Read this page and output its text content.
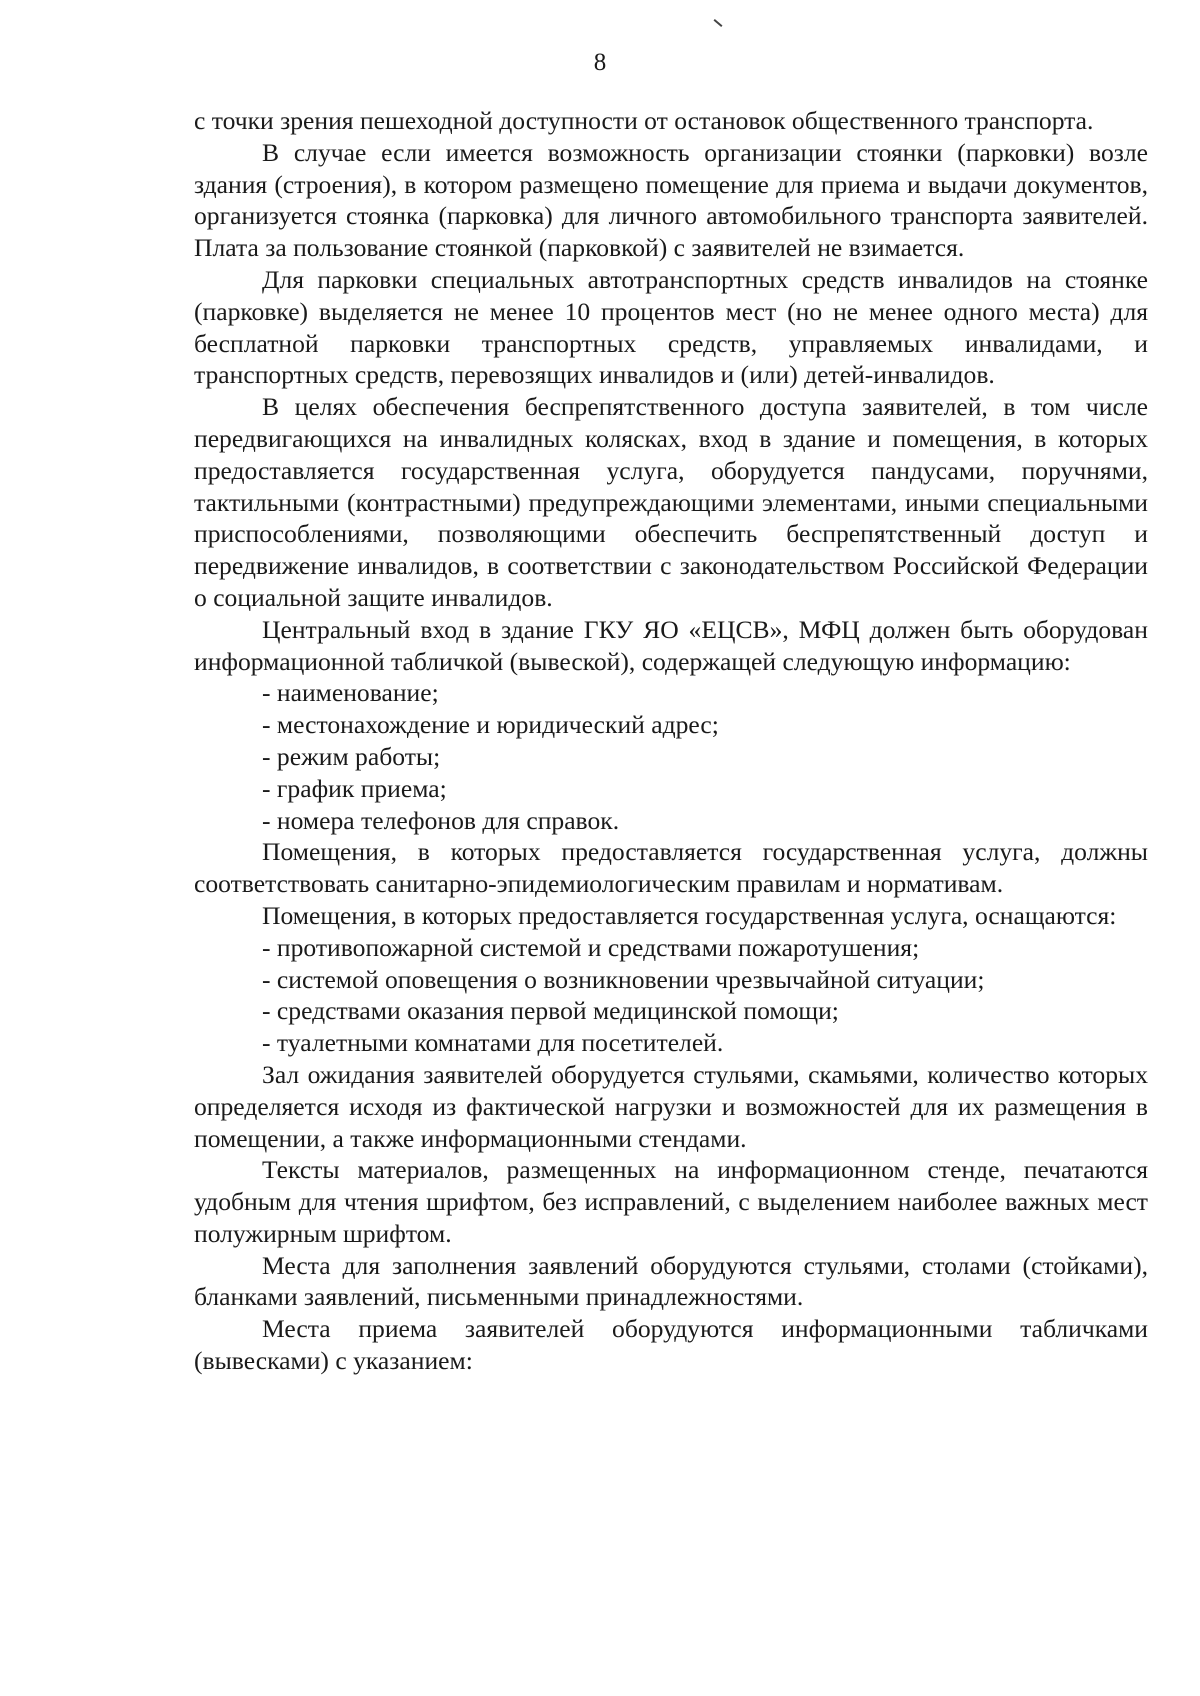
8

с точки зрения пешеходной доступности от остановок общественного транспорта.

В случае если имеется возможность организации стоянки (парковки) возле здания (строения), в котором размещено помещение для приема и выдачи документов, организуется стоянка (парковка) для личного автомобильного транспорта заявителей. Плата за пользование стоянкой (парковкой) с заявителей не взимается.

Для парковки специальных автотранспортных средств инвалидов на стоянке (парковке) выделяется не менее 10 процентов мест (но не менее одного места) для бесплатной парковки транспортных средств, управляемых инвалидами, и транспортных средств, перевозящих инвалидов и (или) детей-инвалидов.

В целях обеспечения беспрепятственного доступа заявителей, в том числе передвигающихся на инвалидных колясках, вход в здание и помещения, в которых предоставляется государственная услуга, оборудуется пандусами, поручнями, тактильными (контрастными) предупреждающими элементами, иными специальными приспособлениями, позволяющими обеспечить беспрепятственный доступ и передвижение инвалидов, в соответствии с законодательством Российской Федерации о социальной защите инвалидов.

Центральный вход в здание ГКУ ЯО «ЕЦСВ», МФЦ должен быть оборудован информационной табличкой (вывеской), содержащей следующую информацию:

- наименование;
- местонахождение и юридический адрес;
- режим работы;
- график приема;
- номера телефонов для справок.

Помещения, в которых предоставляется государственная услуга, должны соответствовать санитарно-эпидемиологическим правилам и нормативам.

Помещения, в которых предоставляется государственная услуга, оснащаются:

- противопожарной системой и средствами пожаротушения;
- системой оповещения о возникновении чрезвычайной ситуации;
- средствами оказания первой медицинской помощи;
- туалетными комнатами для посетителей.

Зал ожидания заявителей оборудуется стульями, скамьями, количество которых определяется исходя из фактической нагрузки и возможностей для их размещения в помещении, а также информационными стендами.

Тексты материалов, размещенных на информационном стенде, печатаются удобным для чтения шрифтом, без исправлений, с выделением наиболее важных мест полужирным шрифтом.

Места для заполнения заявлений оборудуются стульями, столами (стойками), бланками заявлений, письменными принадлежностями.

Места приема заявителей оборудуются информационными табличками (вывесками) с указанием:
